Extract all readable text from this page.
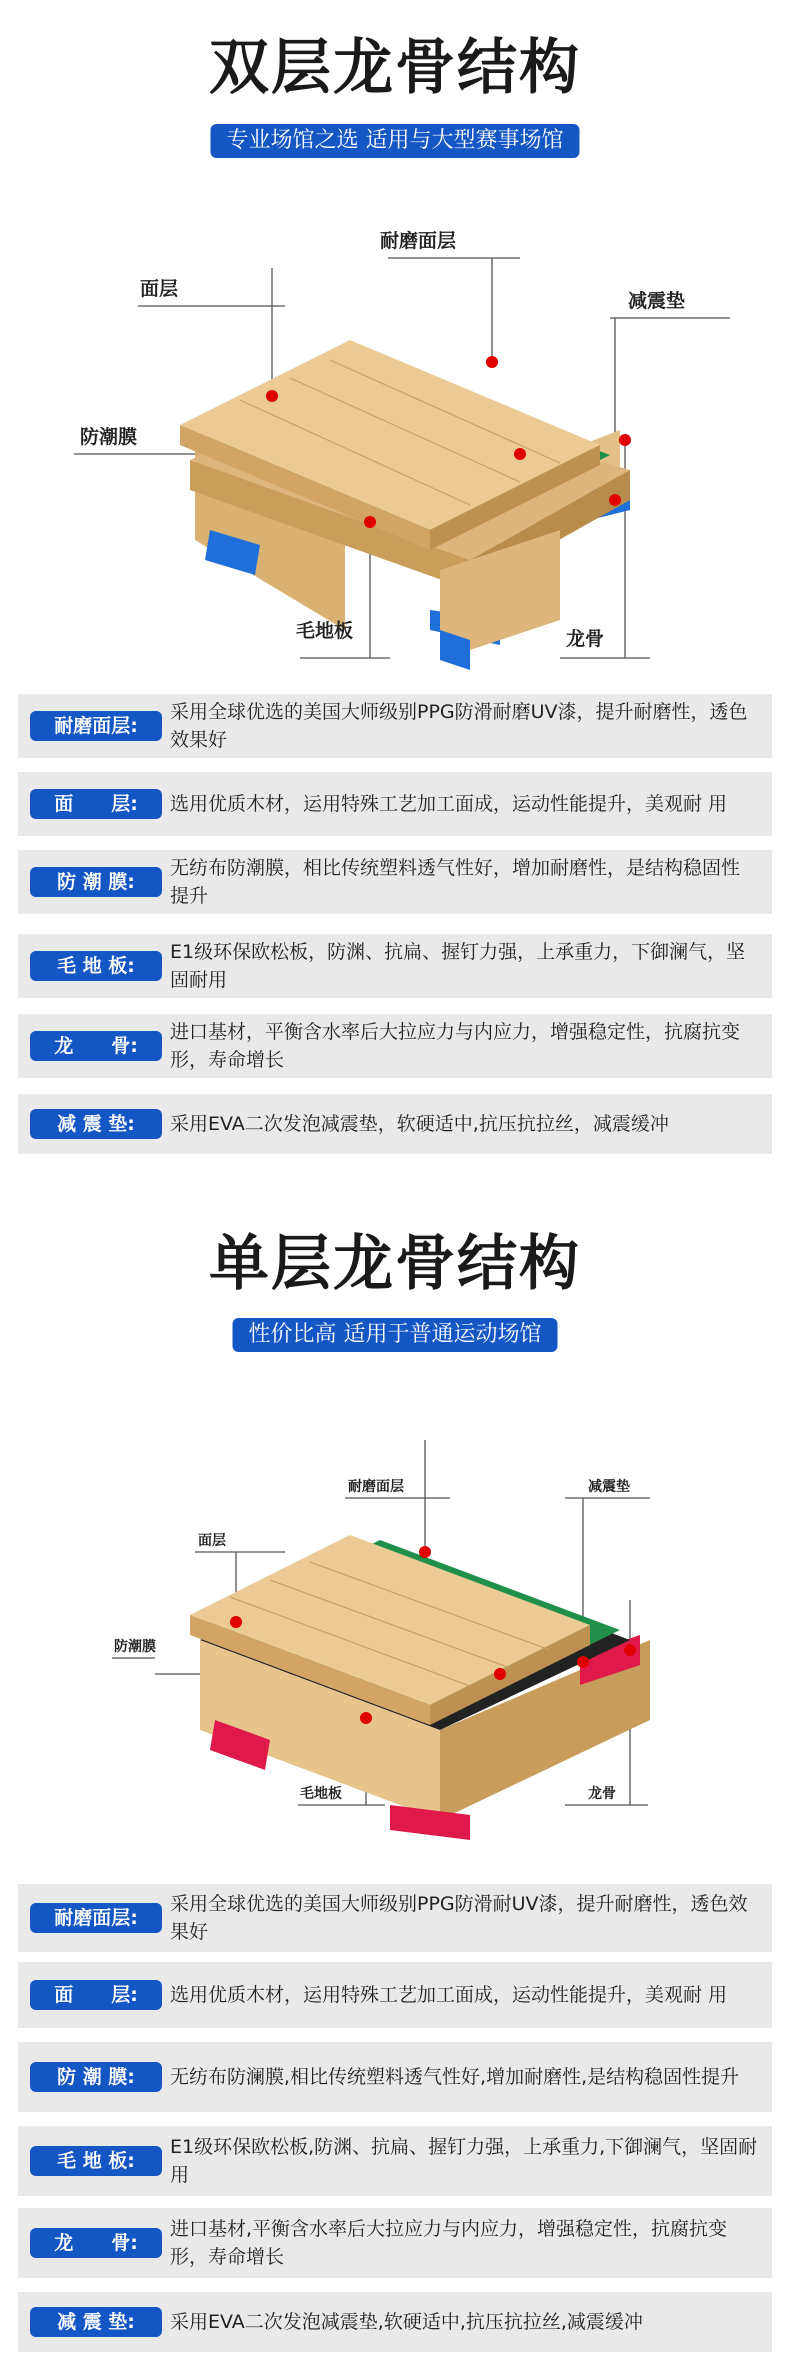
双层龙骨结构
专业场馆之选 适用与大型赛事场馆
耐磨面层
面层
减震垫
防潮膜
毛地板	龙骨
耐磨面层:
采用全球优选的美国大师级别PPG防滑耐磨UV漆，提升耐磨性，透色效果好
面　　层:	选用优质木材，运用特殊工艺加工面成，运动性能提升，美观耐 用
防 潮 膜:
无纺布防潮膜，相比传统塑料透气性好，增加耐磨性，是结构稳固性提升
毛 地 板:
E1级环保欧松板，防渊、抗扁、握钉力强，上承重力，下御澜气，坚固耐用
龙　　骨:
进口基材，平衡含水率后大拉应力与内应力，增强稳定性，抗腐抗变形，寿命增长
减 震 垫:	采用EVA二次发泡减震垫，软硬适中,抗压抗拉丝，减震缓冲
单层龙骨结构
性价比高 适用于普通运动场馆
耐磨面层
面层
减震垫
防潮膜
毛地板	龙骨
耐磨面层:
采用全球优选的美国大师级别PPG防滑耐UV漆，提升耐磨性，透色效果好
面　　层:	选用优质木材，运用特殊工艺加工面成，运动性能提升，美观耐 用
防 潮 膜:	无纺布防澜膜,相比传统塑料透气性好,增加耐磨性,是结构稳固性提升
毛 地 板:
E1级环保欧松板,防渊、抗扁、握钉力强，上承重力,下御澜气，坚固耐用
龙　　骨:
进口基材,平衡含水率后大拉应力与内应力，增强稳定性，抗腐抗变形，寿命增长
减 震 垫:	采用EVA二次发泡减震垫,软硬适中,抗压抗拉丝,减震缓冲
